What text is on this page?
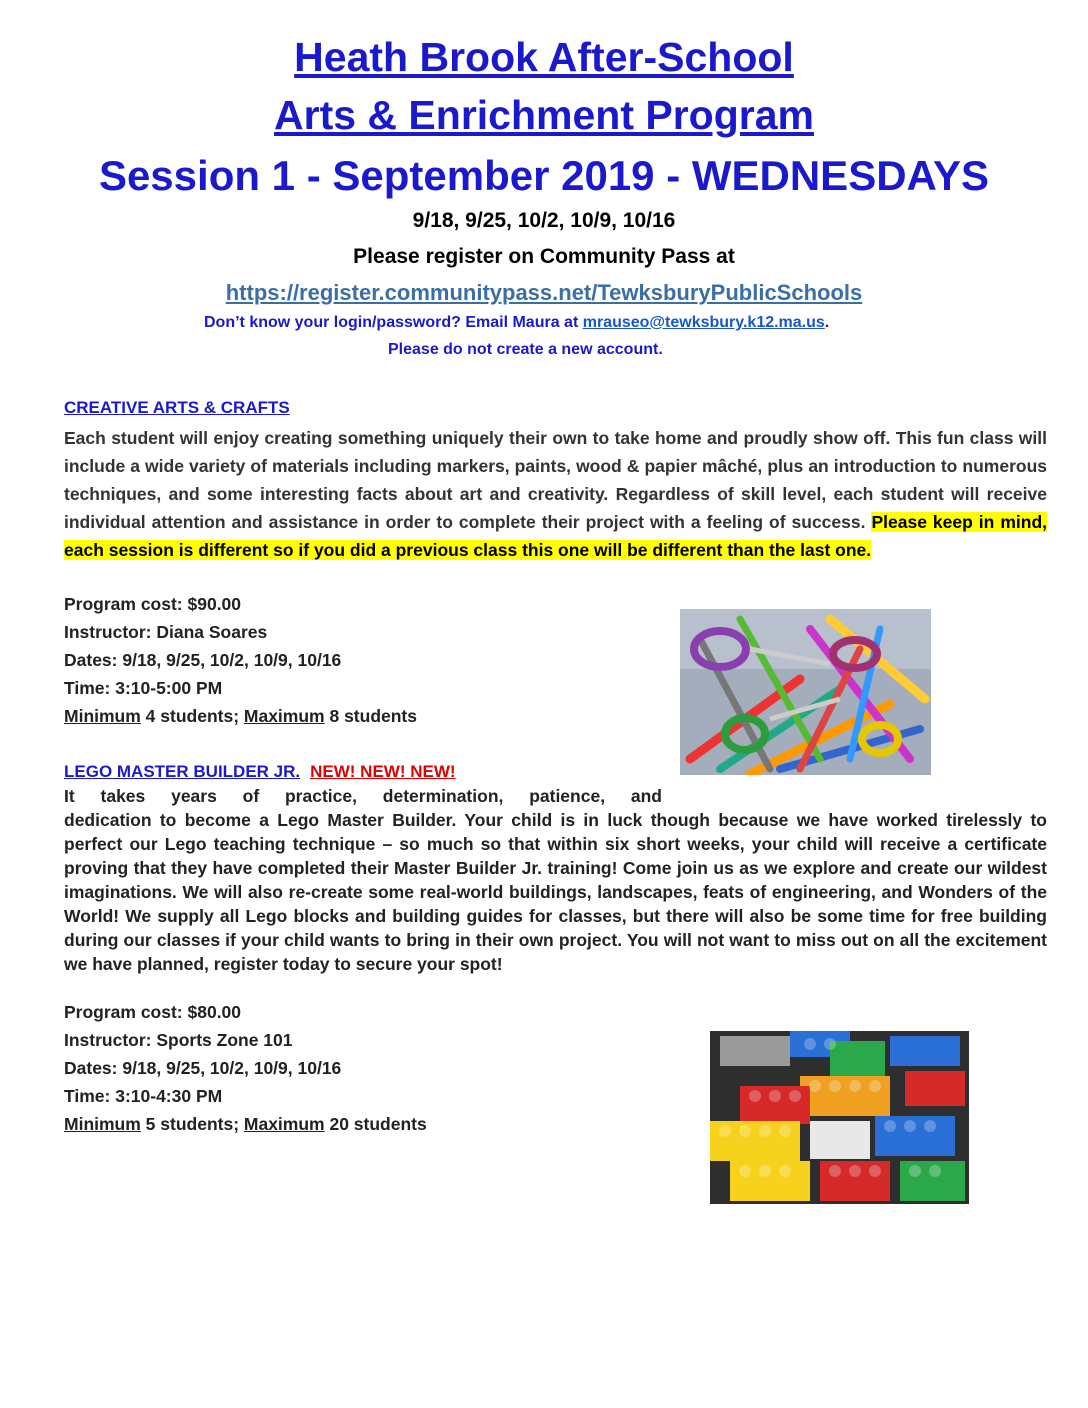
Heath Brook After-School
Arts & Enrichment Program
Session 1 - September 2019 - WEDNESDAYS
9/18, 9/25, 10/2, 10/9, 10/16
Please register on Community Pass at
https://register.communitypass.net/TewksburyPublicSchools
Don’t know your login/password? Email Maura at mrauseo@tewksbury.k12.ma.us.
Please do not create a new account.
CREATIVE ARTS & CRAFTS
Each student will enjoy creating something uniquely their own to take home and proudly show off. This fun class will include a wide variety of materials including markers, paints, wood & papier mâché, plus an introduction to numerous techniques, and some interesting facts about art and creativity. Regardless of skill level, each student will receive individual attention and assistance in order to complete their project with a feeling of success. Please keep in mind, each session is different so if you did a previous class this one will be different than the last one.
Program cost: $90.00
Instructor: Diana Soares
Dates: 9/18, 9/25, 10/2, 10/9, 10/16
Time: 3:10-5:00 PM
Minimum 4 students; Maximum 8 students
LEGO MASTER BUILDER JR. NEW! NEW! NEW!
It takes years of practice, determination, patience, and
dedication to become a Lego Master Builder. Your child is in luck though because we have worked tirelessly to perfect our Lego teaching technique – so much so that within six short weeks, your child will receive a certificate proving that they have completed their Master Builder Jr. training! Come join us as we explore and create our wildest imaginations. We will also re-create some real-world buildings, landscapes, feats of engineering, and Wonders of the World! We supply all Lego blocks and building guides for classes, but there will also be some time for free building during our classes if your child wants to bring in their own project. You will not want to miss out on all the excitement we have planned, register today to secure your spot!
Program cost: $80.00
Instructor: Sports Zone 101
Dates: 9/18, 9/25, 10/2, 10/9, 10/16
Time: 3:10-4:30 PM
Minimum 5 students; Maximum 20 students
